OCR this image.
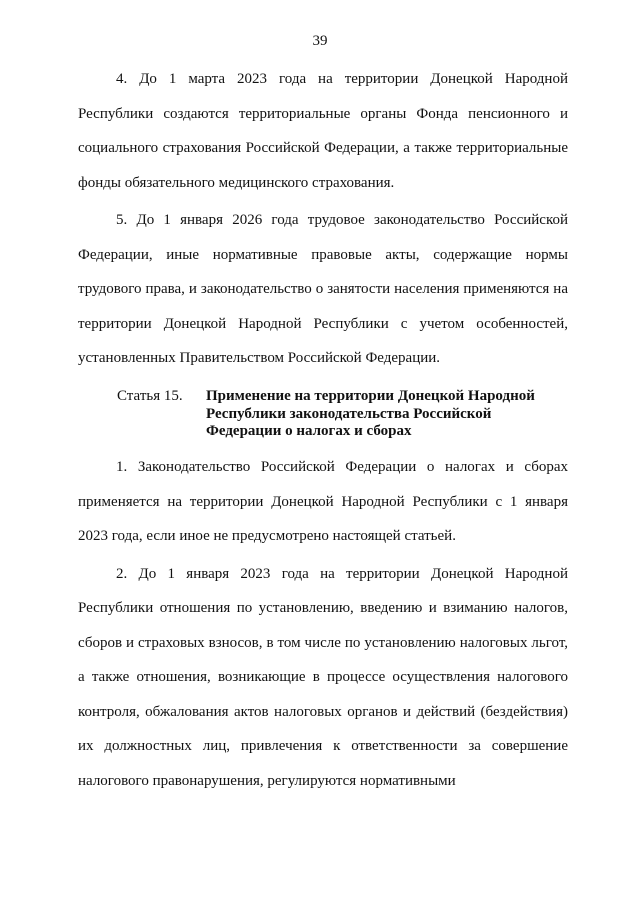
39

4. До 1 марта 2023 года на территории Донецкой Народной Республики создаются территориальные органы Фонда пенсионного и социального страхования Российской Федерации, а также территориальные фонды обязательного медицинского страхования.

5. До 1 января 2026 года трудовое законодательство Российской Федерации, иные нормативные правовые акты, содержащие нормы трудового права, и законодательство о занятости населения применяются на территории Донецкой Народной Республики с учетом особенностей, установленных Правительством Российской Федерации.

Статья 15. Применение на территории Донецкой Народной Республики законодательства Российской Федерации о налогах и сборах

1. Законодательство Российской Федерации о налогах и сборах применяется на территории Донецкой Народной Республики с 1 января 2023 года, если иное не предусмотрено настоящей статьей.

2. До 1 января 2023 года на территории Донецкой Народной Республики отношения по установлению, введению и взиманию налогов, сборов и страховых взносов, в том числе по установлению налоговых льгот, а также отношения, возникающие в процессе осуществления налогового контроля, обжалования актов налоговых органов и действий (бездействия) их должностных лиц, привлечения к ответственности за совершение налогового правонарушения, регулируются нормативными
